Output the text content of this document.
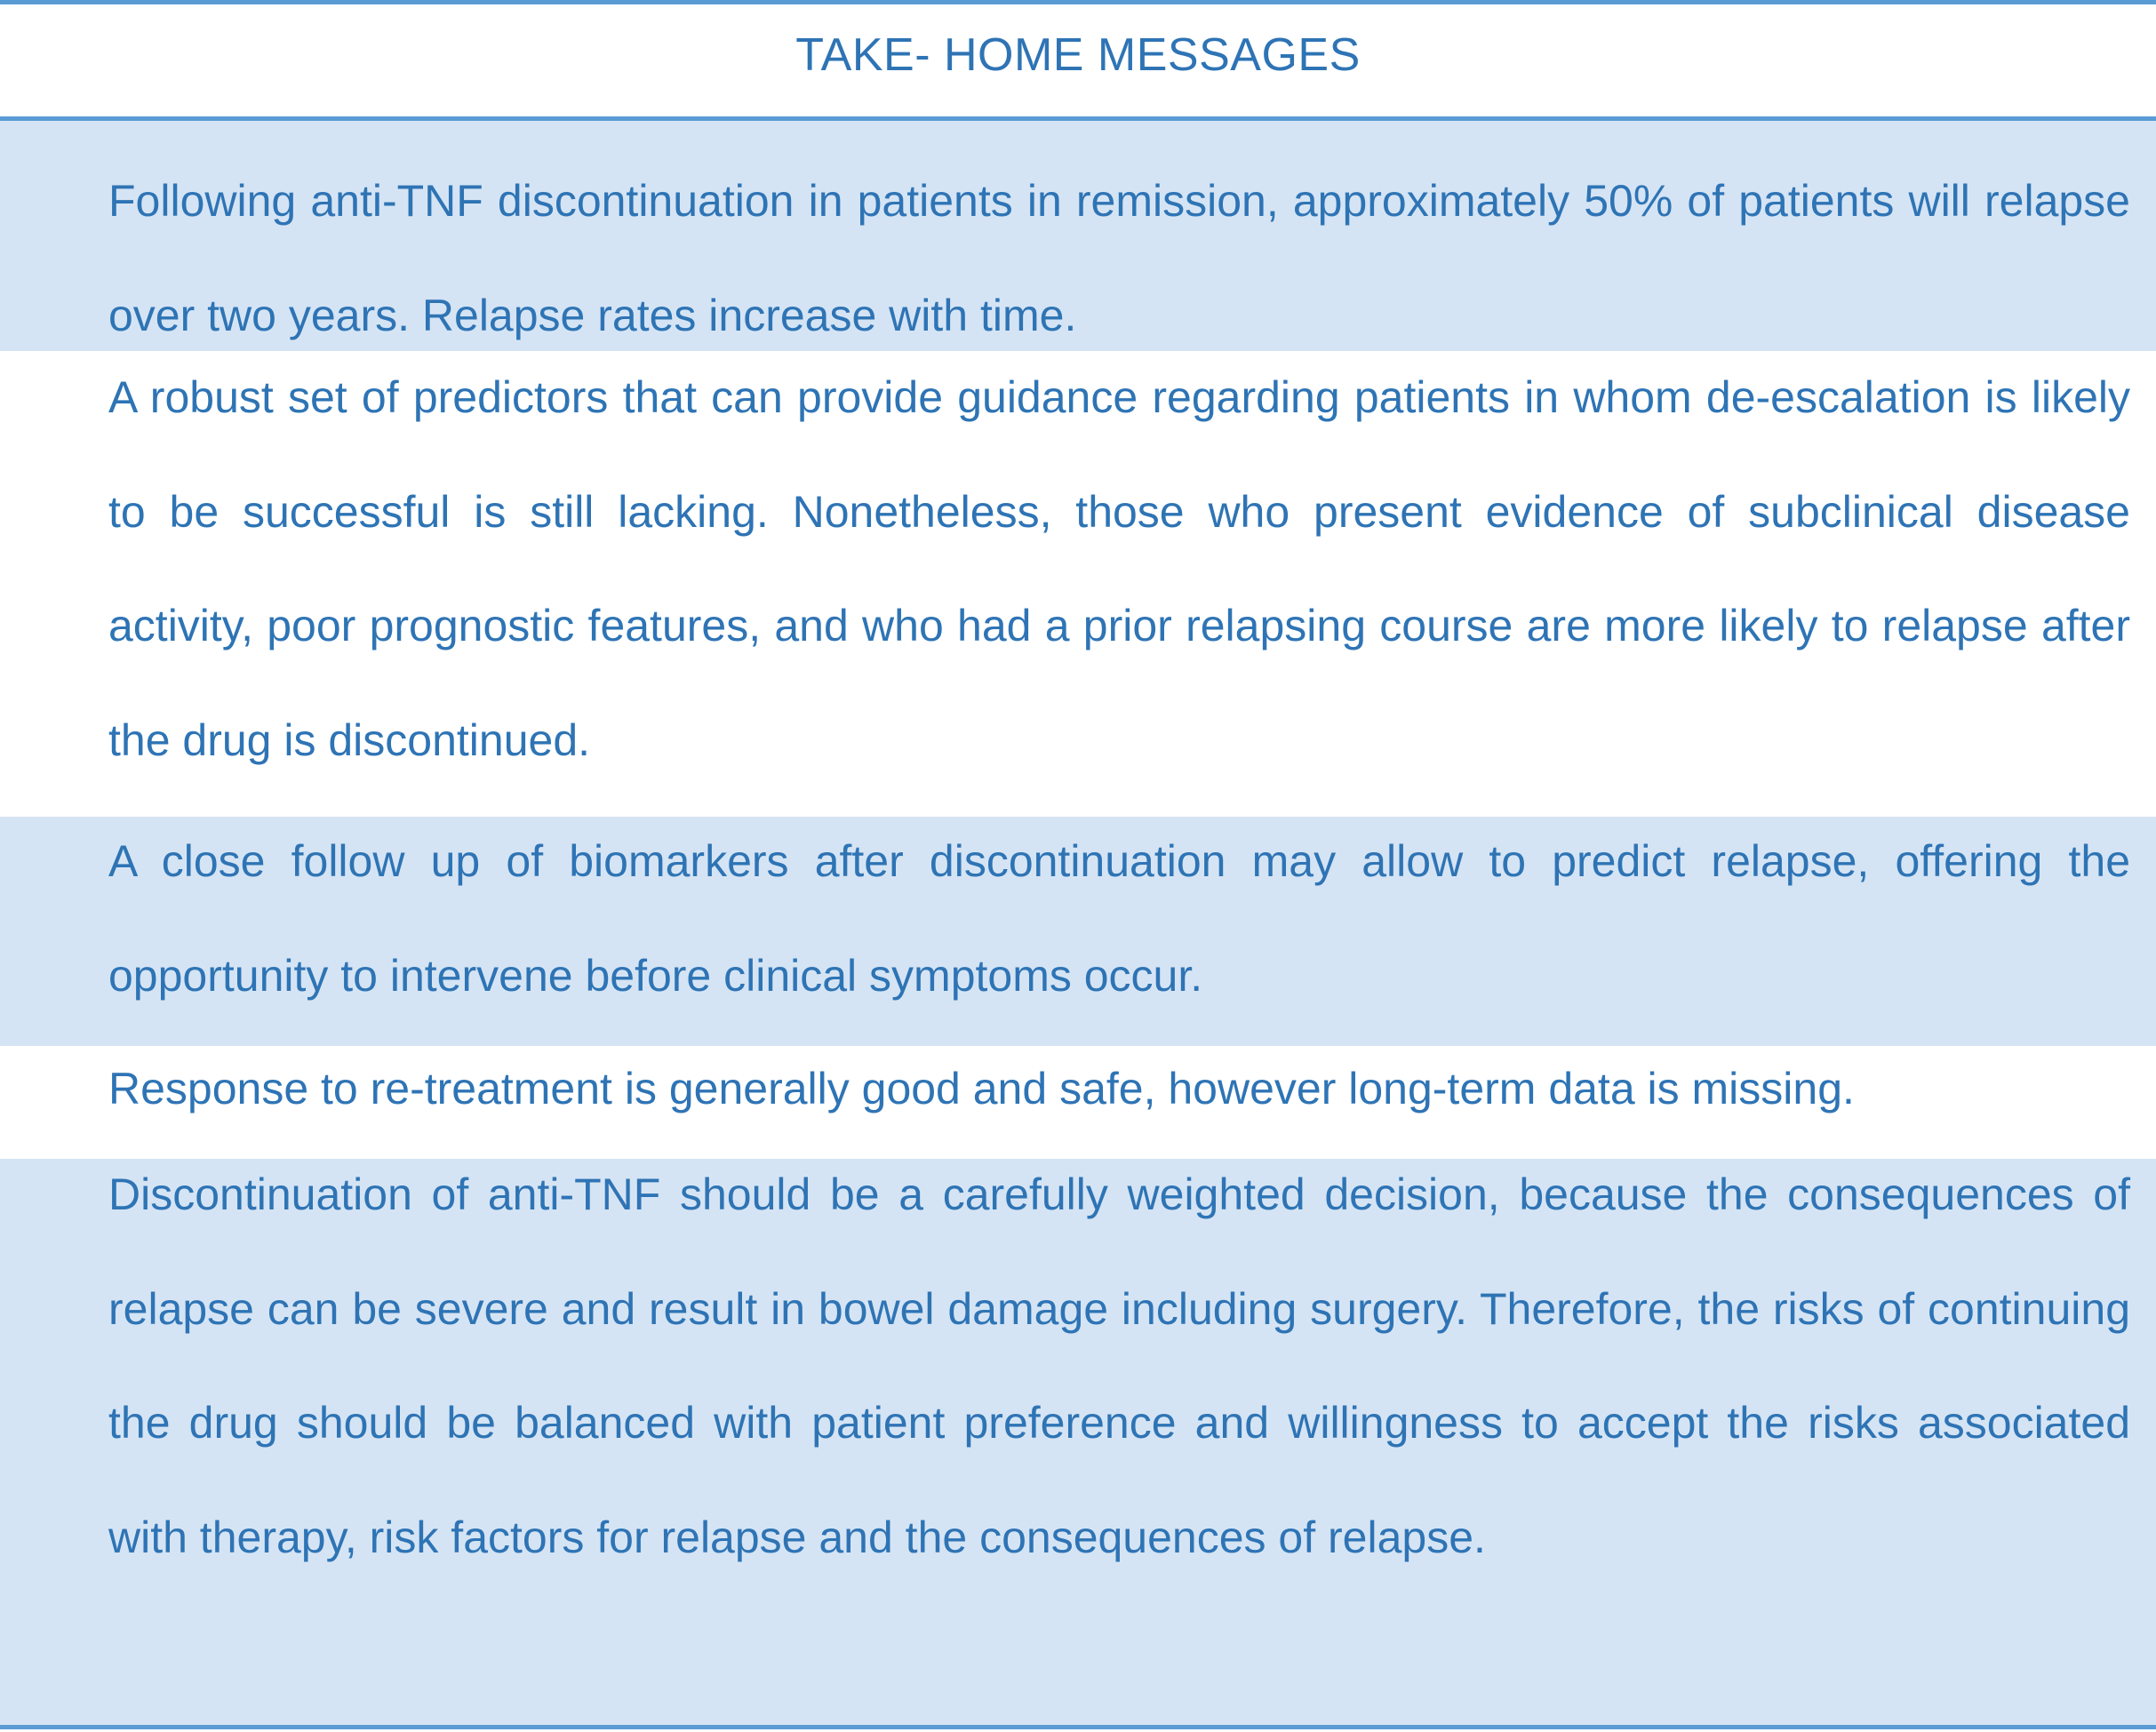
TAKE- HOME MESSAGES

Following anti-TNF discontinuation in patients in remission, approximately 50% of patients will relapse over two years. Relapse rates increase with time.

A robust set of predictors that can provide guidance regarding patients in whom de-escalation is likely to be successful is still lacking. Nonetheless, those who present evidence of subclinical disease activity, poor prognostic features, and who had a prior relapsing course are more likely to relapse after the drug is discontinued.

A close follow up of biomarkers after discontinuation may allow to predict relapse, offering the opportunity to intervene before clinical symptoms occur.

Response to re-treatment is generally good and safe, however long-term data is missing.

Discontinuation of anti-TNF should be a carefully weighted decision, because the consequences of relapse can be severe and result in bowel damage including surgery. Therefore, the risks of continuing the drug should be balanced with patient preference and willingness to accept the risks associated with therapy, risk factors for relapse and the consequences of relapse.
